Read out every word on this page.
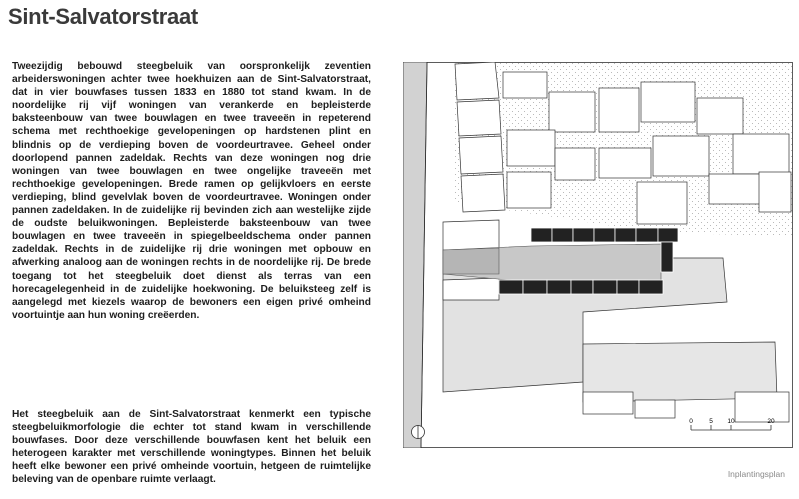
Sint-Salvatorstraat

Tweezijdig bebouwd steegbeluik van oorspronkelijk zeventien arbeiderswoningen achter twee hoekhuizen aan de Sint-Salvatorstraat, dat in vier bouwfases tussen 1833 en 1880 tot stand kwam. In de noordelijke rij vijf woningen van verankerde en bepleisterde baksteenbouw van twee bouwlagen en twee traveeën in repeterend schema met rechthoekige gevelopeningen op hardstenen plint en blindnis op de verdieping boven de voordeurtravee. Geheel onder doorlopend pannen zadeldak. Rechts van deze woningen nog drie woningen van twee bouwlagen en twee ongelijke traveeën met rechthoekige gevelopeningen. Brede ramen op gelijkvloers en eerste verdieping, blind gevelvlak boven de voordeurtravee. Woningen onder pannen zadeldaken. In de zuidelijke rij bevinden zich aan westelijke zijde de oudste beluikwoningen. Bepleisterde baksteenbouw van twee bouwlagen en twee traveeën in spiegelbeeldschema onder pannen zadeldak. Rechts in de zuidelijke rij drie woningen met opbouw en afwerking analoog aan de woningen rechts in de noordelijke rij. De brede toegang tot het steegbeluik doet dienst als terras van een horecagelegenheid in de zuidelijke hoekwoning. De beluiksteeg zelf is aangelegd met kiezels waarop de bewoners een eigen privé omheind voortuintje aan hun woning creëerden.

Het steegbeluik aan de Sint-Salvatorstraat kenmerkt een typische steegbeluikmorfologie die echter tot stand kwam in verschillende bouwfases. Door deze verschillende bouwfasen kent het beluik een heterogeen karakter met verschillende woningtypes. Binnen het beluik heeft elke bewoner een privé omheinde voortuin, hetgeen de ruimtelijke beleving van de openbare ruimte verlaagt.

0	5 10	20
Inplantingsplan
